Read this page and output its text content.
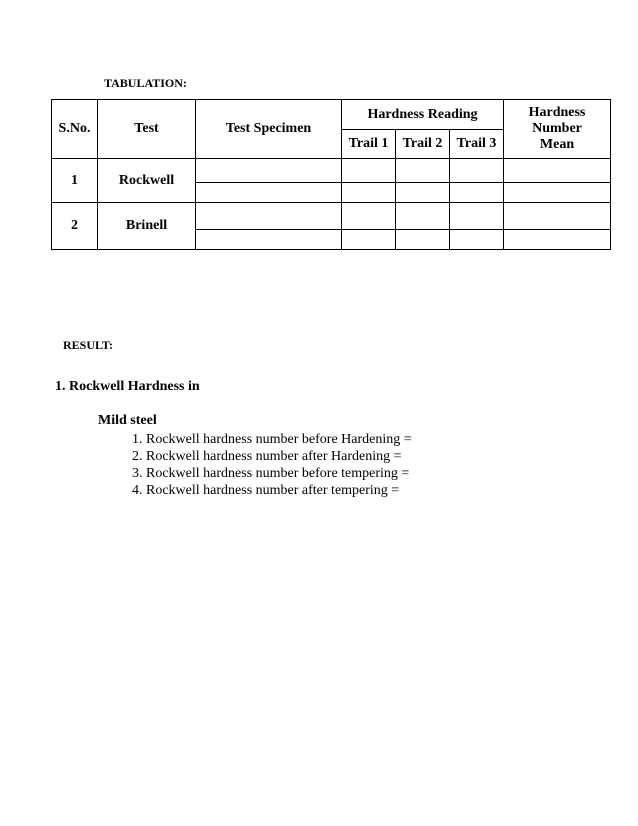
TABULATION:
S.No.	Test	Test Specimen	Hardness Reading			Hardness
Number
Mean

			Trail 1	Trail 2	Trail 3	
1	Rockwell					

2	Brinell					

RESULT:
1. Rockwell Hardness in
Mild steel
1. Rockwell hardness number before Hardening =
2. Rockwell hardness number after Hardening =
3. Rockwell hardness number before tempering =
4. Rockwell hardness number after tempering =
